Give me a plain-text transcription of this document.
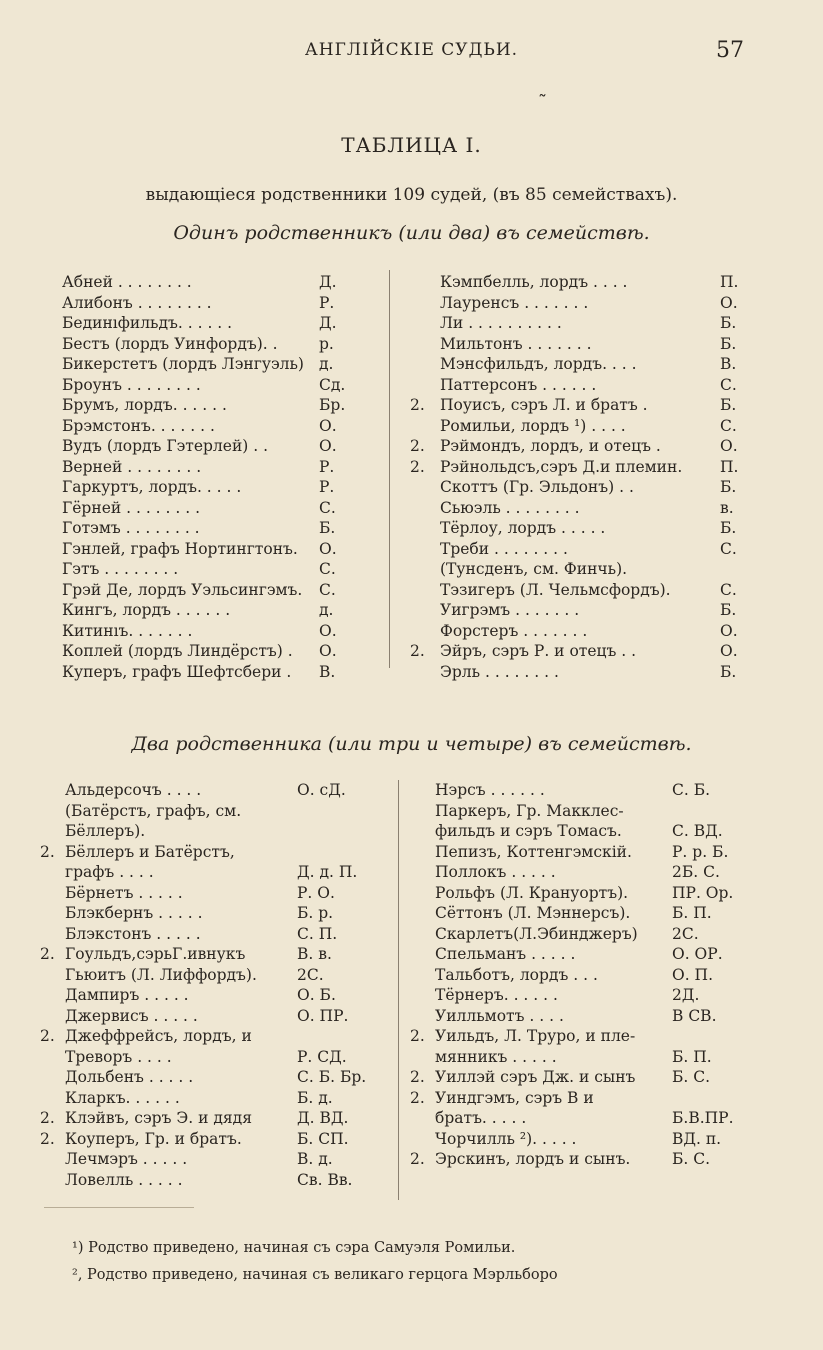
АНГЛІЙСКІЕ СУДЬИ.	57
˜
ТАБЛИЦА I.
выдающіеся родственники 109 судей, (въ 85 семействахъ).
Одинъ родственникъ (или два) въ семействѣ.
Абней . . . . . . . .	Д.
Алибонъ . . . . . . . .	Р.
Бединıфильдъ. . . . . .	Д.
Бестъ (лордъ Уинфордъ). .	р.
Бикерстетъ (лордъ Лэнгуэль) д.
Броунъ . . . . . . . .	Сд.
Брумъ, лордъ. . . . . .	Бр.
Брэмстонъ. . . . . . .	О.
Вудъ (лордъ Гэтерлей) . .	О.
Верней . . . . . . . .	Р.
Гаркуртъ, лордъ. . . . .	Р.
Гёрней . . . . . . . .	С.
Готэмъ . . . . . . . .	Б.
Гэнлей, графъ Нортингтонъ. О.
Гэтъ . . . . . . . .	С.
Грэй Де, лордъ Уэльсингэмъ. С.
Кингъ, лордъ . . . . . .	д.
Китинıъ. . . . . . .	О.
Коплей (лордъ Линдёрстъ) . О.
Куперъ, графъ Шефтсбери . В.
Кэмпбелль, лордъ . . . .	П.
Лауренсъ . . . . . . .	О.
Ли . . . . . . . . . .	Б.
Мильтонъ . . . . . . .	Б.
Мэнсфильдъ, лордъ. . . .	В.
Паттерсонъ . . . . . .	С.
2. Поуисъ, сэръ Л. и братъ .	Б.
Ромильи, лордъ ¹) . . . .	С.
2. Рэймондъ, лордъ, и отецъ .	О.
2. Рэйнольдсъ,сэръ Д.и племин. П.
Скоттъ (Гр. Эльдонъ) . .	Б.
Сьюэль . . . . . . . .	в.
Тёрлоу, лордъ . . . . .	Б.
Треби . . . . . . . .	С.
(Тунсденъ, см. Финчь).
Тэзигеръ (Л. Чельмсфордъ).	С.
Уигрэмъ . . . . . . .	Б.
Форстеръ . . . . . . .	О.
2. Эйръ, сэръ Р. и отецъ . .	О.
Эрль . . . . . . . .	Б.
Два родственника (или три и четыре) въ семействѣ.
Альдерсочъ . . . .	О. сД.
(Батёрстъ, графъ, см.
Бёллеръ).
2. Бёллеръ и Батёрстъ,
графъ . . . .	Д. д. П.
Бёрнетъ . . . . .	Р. О.
Блэкбернъ . . . . .	Б. р.
Блэкстонъ . . . . .	С. П.
2. Гоульдъ,сэрьГ.ивнукъ	В. в.
Гьюитъ (Л. Лиффордъ).	2С.
Дампиръ . . . . .	О. Б.
Джервисъ . . . . .	О. ПР.
2. Джеффрейсъ, лордъ, и
Треворъ . . . .	Р. СД.
Дольбенъ . . . . .	С. Б. Бр.
Кларкъ. . . . . .	Б. д.
2. Клэйвъ, сэръ Э. и дядя	Д. ВД.
2. Коуперъ, Гр. и братъ.	Б. СП.
Лечмэръ . . . . .	В. д.
Ловелль . . . . .	Св. Вв.
Нэрсъ . . . . . .	С. Б.
Паркеръ, Гр. Макклес-
фильдъ и сэръ Томасъ.	С. ВД.
Пепизъ, Коттенгэмскій.	Р. р. Б.
Поллокъ . . . . .	2Б. С.
Рольфъ (Л. Крануортъ).	ПР. Ор.
Сёттонъ (Л. Мэннерсъ).	Б. П.
Скарлетъ(Л.Эбинджеръ) 2С.
Спельманъ . . . . .	О. ОР.
Тальботъ, лордъ . . .	О. П.
Тёрнеръ. . . . . .	2Д.
Уилльмотъ . . . .	В СВ.
2. Уильдъ, Л. Труро, и пле-
мянникъ . . . . .	Б. П.
2. Уиллэй сэръ Дж. и сынъ Б. С.
2. Уиндгэмъ, сэръ В и
братъ. . . . .	Б.В.ПР.
Чорчилль ²). . . . .	ВД. п.
2. Эрскинъ, лордъ и сынъ.	Б. С.
¹) Родство приведено, начиная съ сэра Самуэля Ромильи.
², Родство приведено, начиная съ великаго герцога Мэрльборо
